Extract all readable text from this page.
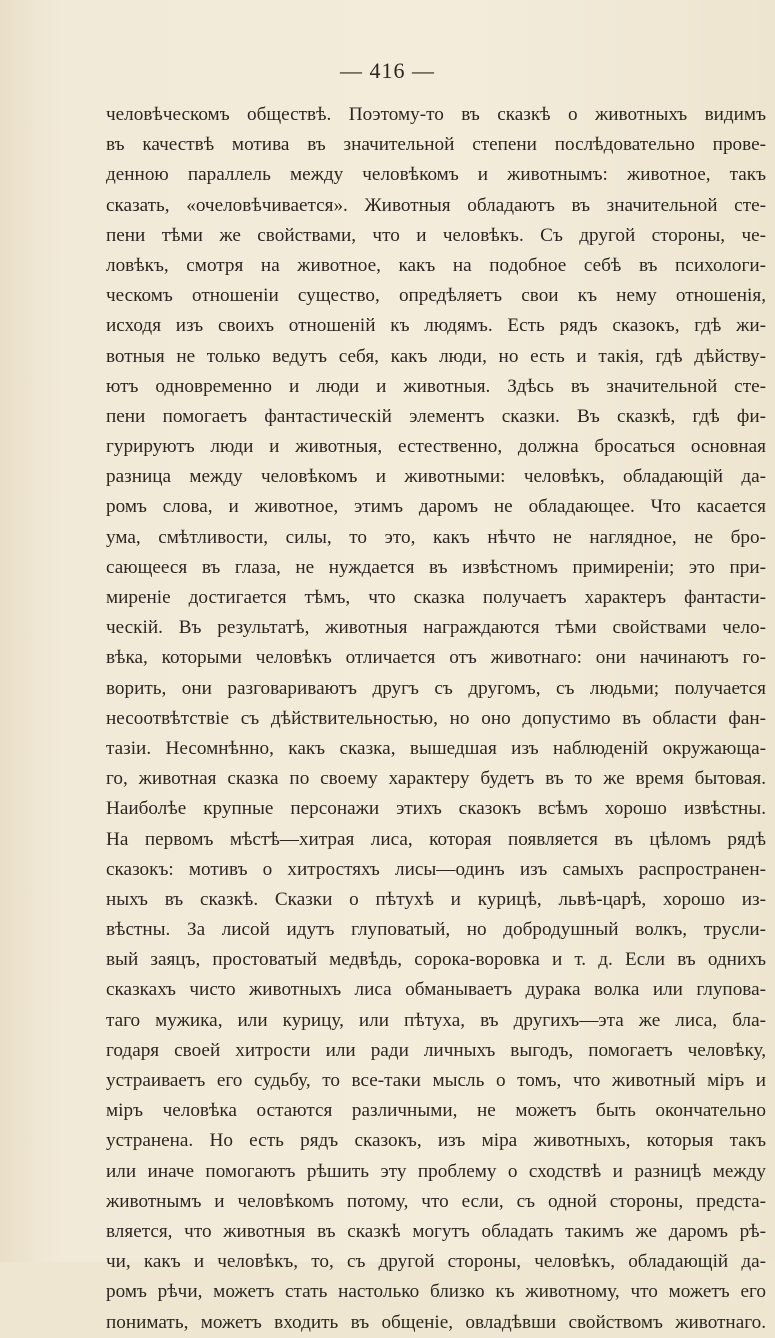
— 416 —
человѣческомъ обществѣ. Поэтому-то въ сказкѣ о животныхъ видимъ
въ качествѣ мотива въ значительной степени послѣдовательно прове-
денною параллель между человѣкомъ и животнымъ: животное, такъ
сказать, «очеловѣчивается». Животныя обладаютъ въ значительной сте-
пени тѣми же свойствами, что и человѣкъ. Съ другой стороны, че-
ловѣкъ, смотря на животное, какъ на подобное себѣ въ психологи-
ческомъ отношеніи существо, опредѣляетъ свои къ нему отношенія,
исходя изъ своихъ отношеній къ людямъ. Есть рядъ сказокъ, гдѣ жи-
вотныя не только ведутъ себя, какъ люди, но есть и такія, гдѣ дѣйству-
ютъ одновременно и люди и животныя. Здѣсь въ значительной сте-
пени помогаетъ фантастическій элементъ сказки. Въ сказкѣ, гдѣ фи-
гурируютъ люди и животныя, естественно, должна бросаться основная
разница между человѣкомъ и животными: человѣкъ, обладающій да-
ромъ слова, и животное, этимъ даромъ не обладающее. Что касается
ума, смѣтливости, силы, то это, какъ нѣчто не наглядное, не бро-
сающееся въ глаза, не нуждается въ извѣстномъ примиреніи; это при-
миреніе достигается тѣмъ, что сказка получаетъ характеръ фантасти-
ческій. Въ результатѣ, животныя награждаются тѣми свойствами чело-
вѣка, которыми человѣкъ отличается отъ животнаго: они начинаютъ го-
ворить, они разговариваютъ другъ съ другомъ, съ людьми; получается
несоотвѣтствіе съ дѣйствительностью, но оно допустимо въ области фан-
тазіи. Несомнѣнно, какъ сказка, вышедшая изъ наблюденій окружающа-
го, животная сказка по своему характеру будетъ въ то же время бытовая.
Наиболѣе крупные персонажи этихъ сказокъ всѣмъ хорошо извѣстны.
На первомъ мѣстѣ—хитрая лиса, которая появляется въ цѣломъ рядѣ
сказокъ: мотивъ о хитростяхъ лисы—одинъ изъ самыхъ распространен-
ныхъ въ сказкѣ. Сказки о пѣтухѣ и курицѣ, львѣ-царѣ, хорошо из-
вѣстны. За лисой идутъ глуповатый, но добродушный волкъ, трусли-
вый заяцъ, простоватый медвѣдь, сорока-воровка и т. д. Если въ однихъ
сказкахъ чисто животныхъ лиса обманываетъ дурака волка или глупова-
таго мужика, или курицу, или пѣтуха, въ другихъ—эта же лиса, бла-
годаря своей хитрости или ради личныхъ выгодъ, помогаетъ человѣку,
устраиваетъ его судьбу, то все-таки мысль о томъ, что животный міръ и
міръ человѣка остаются различными, не можетъ быть окончательно
устранена. Но есть рядъ сказокъ, изъ міра животныхъ, которыя такъ
или иначе помогаютъ рѣшить эту проблему о сходствѣ и разницѣ между
животнымъ и человѣкомъ потому, что если, съ одной стороны, предста-
вляется, что животныя въ сказкѣ могутъ обладать такимъ же даромъ рѣ-
чи, какъ и человѣкъ, то, съ другой стороны, человѣкъ, обладающій да-
ромъ рѣчи, можетъ стать настолько близко къ животному, что можетъ его
понимать, можетъ входить въ общеніе, овладѣвши свойствомъ животнаго.
